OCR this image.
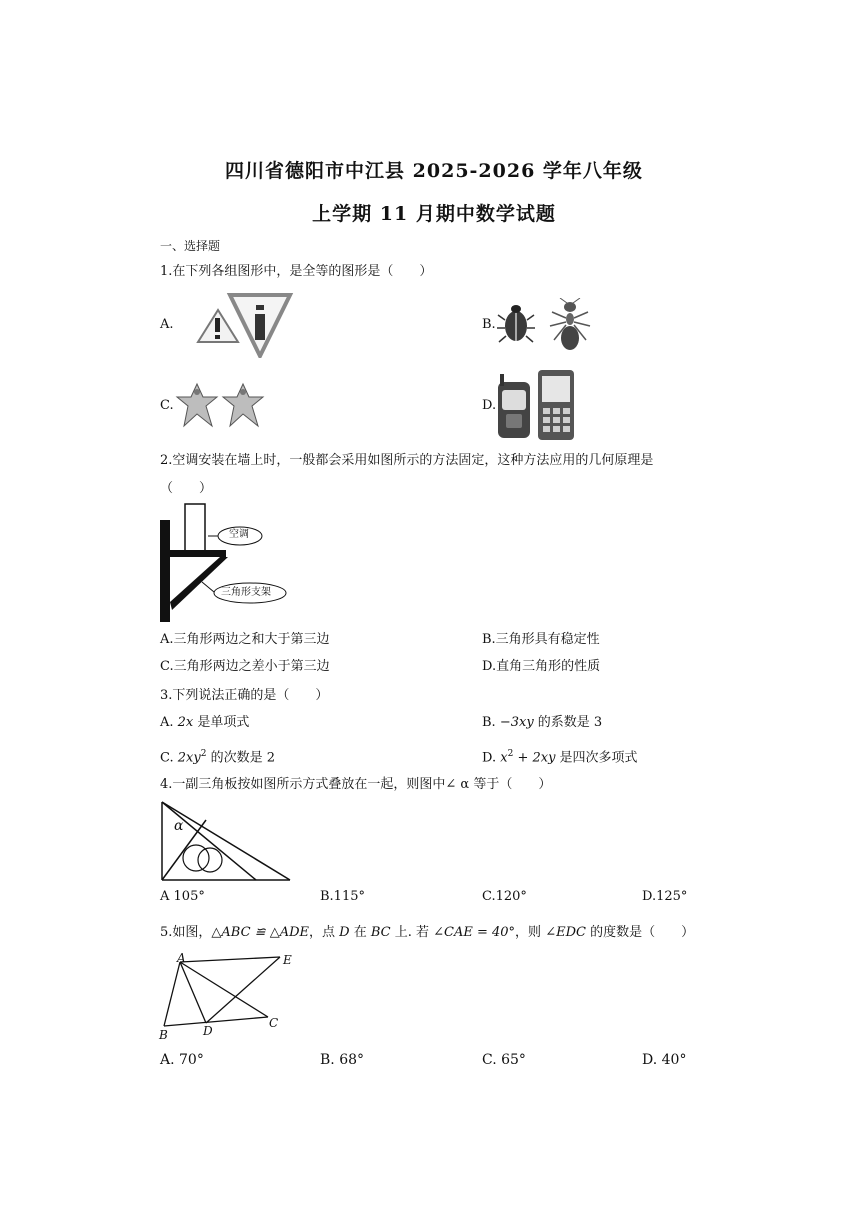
四川省德阳市中江县 2025-2026 学年八年级
上学期 11 月期中数学试题
一、选择题
1.在下列各组图形中，是全等的图形是（　　）
A.	B.
C.	D.
2.空调安装在墙上时，一般都会采用如图所示的方法固定，这种方法应用的几何原理是
（　　）
空调
三角形支架
A.三角形两边之和大于第三边	B.三角形具有稳定性
C.三角形两边之差小于第三边	D.直角三角形的性质
3.下列说法正确的是（　　）
A. 2x 是单项式	B. −3xy 的系数是 3
C. $2xy^2$ 的次数是 2	D. $x^2 + 2xy$ 是四次多项式
4.一副三角板按如图所示方式叠放在一起，则图中∠ α 等于（　　）
α
A 105°	B.115°	C.120°	D.125°
5.如图，△ABC ≌ △ADE，点 D 在 BC 上. 若 ∠CAE = 40°，则 ∠EDC 的度数是（　　）
A	E
B	D
C
A. 70°	B. 68°	C. 65°	D. 40°
